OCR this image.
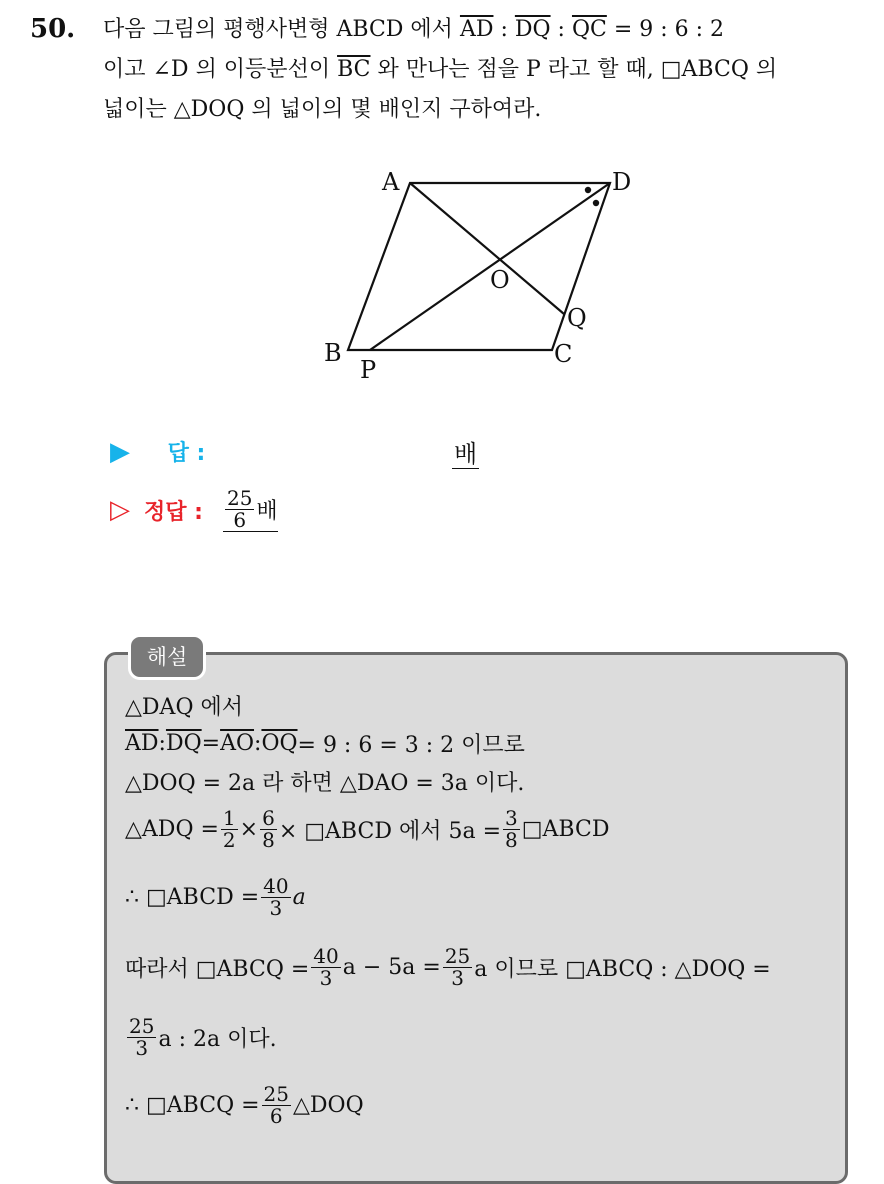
50. 다음 그림의 평행사변형 ABCD 에서 $\overline{AD}$ : $\overline{DQ}$ : $\overline{QC} = 9$ : 6 : 2
이고 ∠D 의 이등분선이 $\overline{BC}$ 와 만나는 점을 P 라고 할 때, □ABCQ 의
넓이는 △DOQ 의 넓이의 몇 배인지 구하여라.
A	D
O
Q
B	C
P
▶ 답 :	배
▷ 정답 : $\frac{25}{6}$ 배
해설
△DAQ 에서
$\overline{AD}$ : $\overline{DQ} = \overline{AO}$ : $\overline{OQ} = 9$ : 6 = 3 : 2 이므로
△DOQ = 2a 라 하면 △DAO = 3a 이다.
△ADQ = $\frac{1}{2} \times \frac{6}{8}$ × □ABCD 에서 $5a = \frac{3}{8}$ □ABCD
∴ □ABCD = $\frac{40}{3}$ a
따라서 □ABCQ = $\frac{40}{3}$ $a - 5a = \frac{25}{3}$ a 이므로 □ABCQ : △DOQ =
$\frac{25}{3}$ a : 2a 이다.
∴ □ABCQ = $\frac{25}{6}$ △DOQ
